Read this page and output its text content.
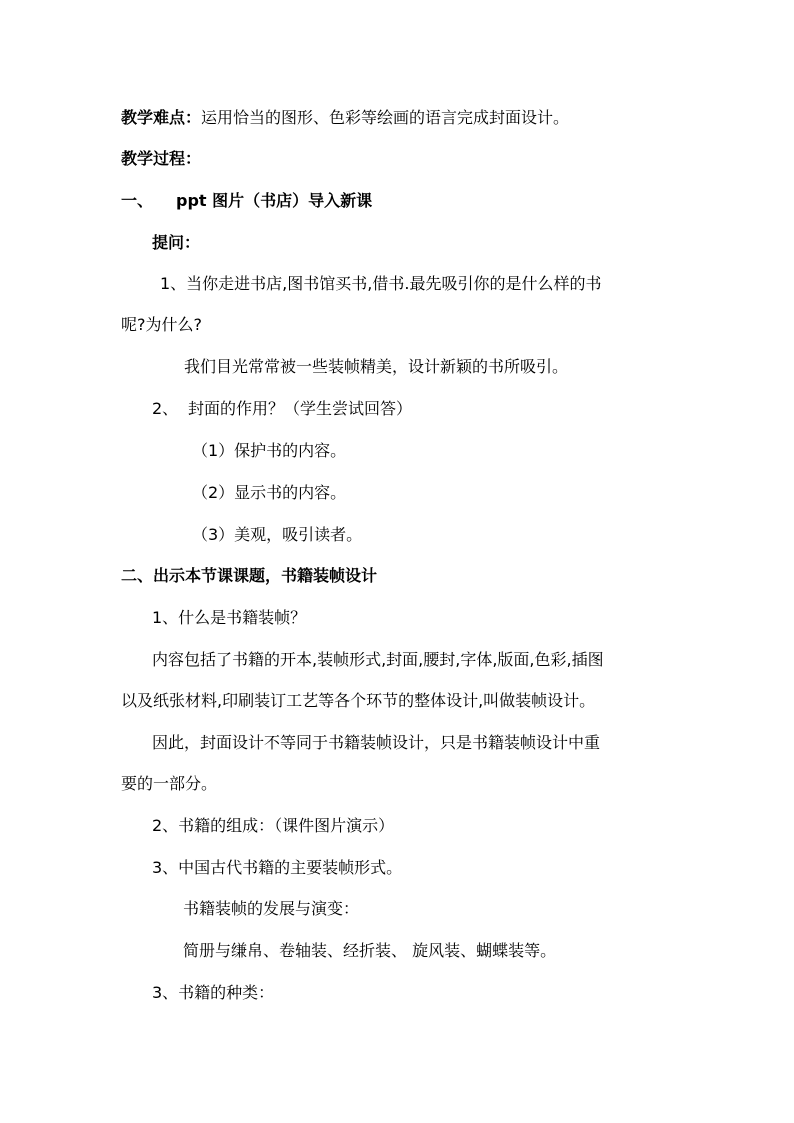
教学难点：运用恰当的图形、色彩等绘画的语言完成封面设计。
教学过程：
一、 ppt 图片（书店）导入新课
提问：
1、当你走进书店,图书馆买书,借书.最先吸引你的是什么样的书
呢?为什么?
我们目光常常被一些装帧精美，设计新颖的书所吸引。
2、 封面的作用？（学生尝试回答）
（1）保护书的内容。
（2）显示书的内容。
（3）美观，吸引读者。
二、出示本节课课题，书籍装帧设计
1、什么是书籍装帧？
内容包括了书籍的开本,装帧形式,封面,腰封,字体,版面,色彩,插图
以及纸张材料,印刷装订工艺等各个环节的整体设计,叫做装帧设计。
因此，封面设计不等同于书籍装帧设计，只是书籍装帧设计中重
要的一部分。
2、书籍的组成：（课件图片演示）
3、中国古代书籍的主要装帧形式。
书籍装帧的发展与演变：
简册与缣帛、卷轴装、经折装、 旋风装、蝴蝶装等。
3、书籍的种类：
